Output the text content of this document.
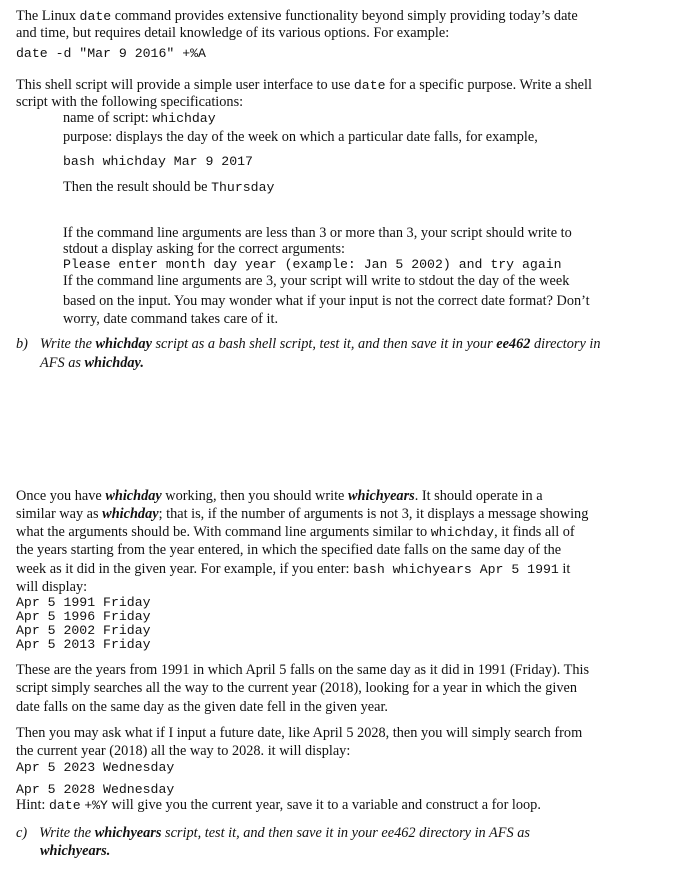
The Linux date command provides extensive functionality beyond simply providing today’s date
and time, but requires detail knowledge of its various options. For example:
date -d "Mar 9 2016" +%A
This shell script will provide a simple user interface to use date for a specific purpose. Write a shell
script with the following specifications:
name of script: whichday
purpose: displays the day of the week on which a particular date falls, for example,
bash whichday Mar 9 2017
Then the result should be Thursday
If the command line arguments are less than 3 or more than 3, your script should write to
stdout a display asking for the correct arguments:
Please enter month day year (example: Jan 5 2002) and try again
If the command line arguments are 3, your script will write to stdout the day of the week
based on the input. You may wonder what if your input is not the correct date format? Don’t
worry, date command takes care of it.
b) Write the whichday script as a bash shell script, test it, and then save it in your ee462 directory in
AFS as whichday.
Once you have whichday working, then you should write whichyears. It should operate in a
similar way as whichday; that is, if the number of arguments is not 3, it displays a message showing
what the arguments should be. With command line arguments similar to whichday, it finds all of
the years starting from the year entered, in which the specified date falls on the same day of the
week as it did in the given year. For example, if you enter: bash whichyears Apr 5 1991 it
will display:
Apr 5 1991 Friday
Apr 5 1996 Friday
Apr 5 2002 Friday
Apr 5 2013 Friday
These are the years from 1991 in which April 5 falls on the same day as it did in 1991 (Friday). This
script simply searches all the way to the current year (2018), looking for a year in which the given
date falls on the same day as the given date fell in the given year.
Then you may ask what if I input a future date, like April 5 2028, then you will simply search from
the current year (2018) all the way to 2028. it will display:
Apr 5 2023 Wednesday
Apr 5 2028 Wednesday
Hint: date +%Y will give you the current year, save it to a variable and construct a for loop.
c) Write the whichyears script, test it, and then save it in your ee462 directory in AFS as
whichyears.
